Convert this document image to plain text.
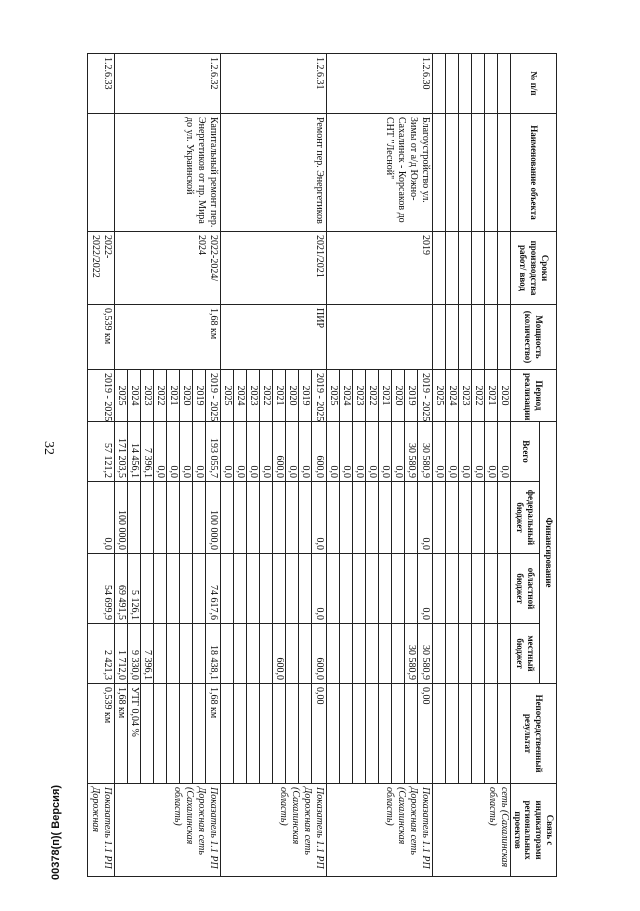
32
00378(п)( Версия)
№ п/п	Наименование объекта	Сроки производства работ/ ввод	Мощность (количество)	Период реализации	Финансирование				Непосредственный результат	Связь с индикаторами региональных проектов
					Всего	федеральный бюджет	областной бюджет	местный бюджет		
				2020	0,0					сеть (Сахалинская область)
				2021	0,0					
				2022	0,0					
				2023	0,0					
				2024	0,0					
				2025	0,0					
1.2.6.30	Благоустройство ул. Зимы от а/д Южно-Сахалинск - Корсаков до СНТ "Лесной"	2019		2019 - 2025	30 580,9	0,0	0,0	30 580,9	0,00	Показатель 1.1 РП Дорожная сеть (Сахалинская область)
				2019	30 580,9			30 580,9		
				2020	0,0					
				2021	0,0					
				2022	0,0					
				2023	0,0					
				2024	0,0					
				2025	0,0					
1.2.6.31	Ремонт пер. Энергетиков	2021/2021	ПИР	2019 - 2025	600,0	0,0	0,0	600,0	0,00	Показатель 1.1 РП Дорожная сеть (Сахалинская область)
				2019	0,0					
				2020	0,0					
				2021	600,0			600,0		
				2022	0,0					
				2023	0,0					
				2024	0,0					
				2025	0,0					
1.2.6.32	Капитальный ремонт пер. Энергетиков от пр. Мира до ул. Украинской	2022-2024/ 2024	1,68 км	2019 - 2025	193 055,7	100 000,0	74 617,6	18 438,1	1,68 км	Показатель 1.1 РП Дорожная сеть (Сахалинская область)
				2019	0,0					
				2020	0,0					
				2021	0,0					
				2022	0,0					
				2023	7 396,1			7 396,1		
				2024	14 456,1		5 126,1	9 330,0	УТГ 0,04 %	
				2025	171 203,5	100 000,0	69 491,5	1 712,0	1,68 км	
1.2.6.33		2022- 2022/2022	0,539 км	2019 - 2025	57 121,2	0,0	54 699,9	2 421,3	0,539 км	Показатель 1.1 РП Дорожная
